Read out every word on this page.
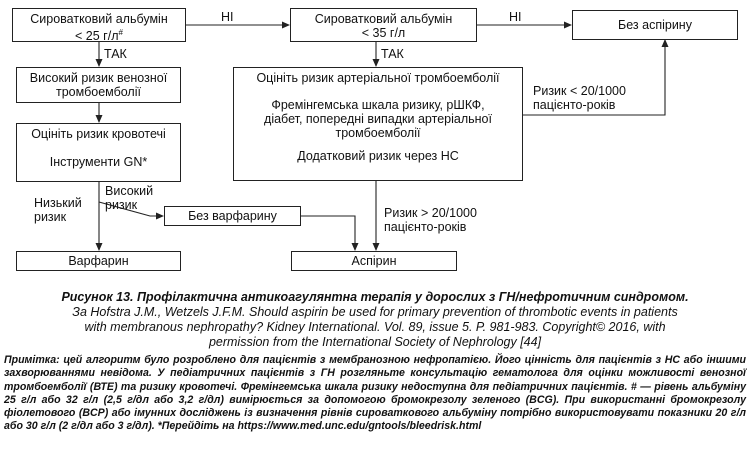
Сироватковий альбумін
< 25 г/л#
Сироватковий альбумін
< 35 г/л
Без аспірину
Високий ризик венозної
тромбоемболії
Оцініть ризик артеріальної тромбоемболії
Фремінгемська шкала ризику, рШКФ,
діабет, попередні випадки артеріальної
тромбоемболії
Додатковий ризик через НС
Оцініть ризик кровотечі
Інструменти GN*
Без варфарину
Варфарин	Аспірин
НІ	НІ
ТАК	ТАК
Високий
ризик
Низький
ризик
Ризик < 20/1000
пацієнто-років
Ризик > 20/1000
пацієнто-років
Рисунок 13. Профілактична антикоагулянтна терапія у дорослих з ГН/нефротичним синдромом.
За Hofstra J.M., Wetzels J.F.M. Should aspirin be used for primary prevention of thrombotic events in patients
with membranous nephropathy? Kidney International. Vol. 89, issue 5. P. 981-983. Copyright© 2016, with
permission from the International Society of Nephrology [44]
Примітка: цей алгоритм було розроблено для пацієнтів з мембранозною нефропатією. Його цінність для пацієнтів з НС або іншими захворюваннями невідома. У педіатричних пацієнтів з ГН розгляньте консультацію гематолога для оцінки можливості венозної тромбоемболії (ВТЕ) та ризику кровотечі. Фремінгемська шкала ризику недоступна для педіатричних пацієнтів. # — рівень альбуміну 25 г/л або 32 г/л (2,5 г/дл або 3,2 г/дл) вимірюється за допомогою бромокрезолу зеленого (BCG). При використанні бромокрезолу фіолетового (BCP) або імунних досліджень із визначення рівнів сироваткового альбуміну потрібно використовувати показники 20 г/л або 30 г/л (2 г/дл або 3 г/дл). *Перейдіть на https://www.med.unc.edu/gntools/bleedrisk.html
